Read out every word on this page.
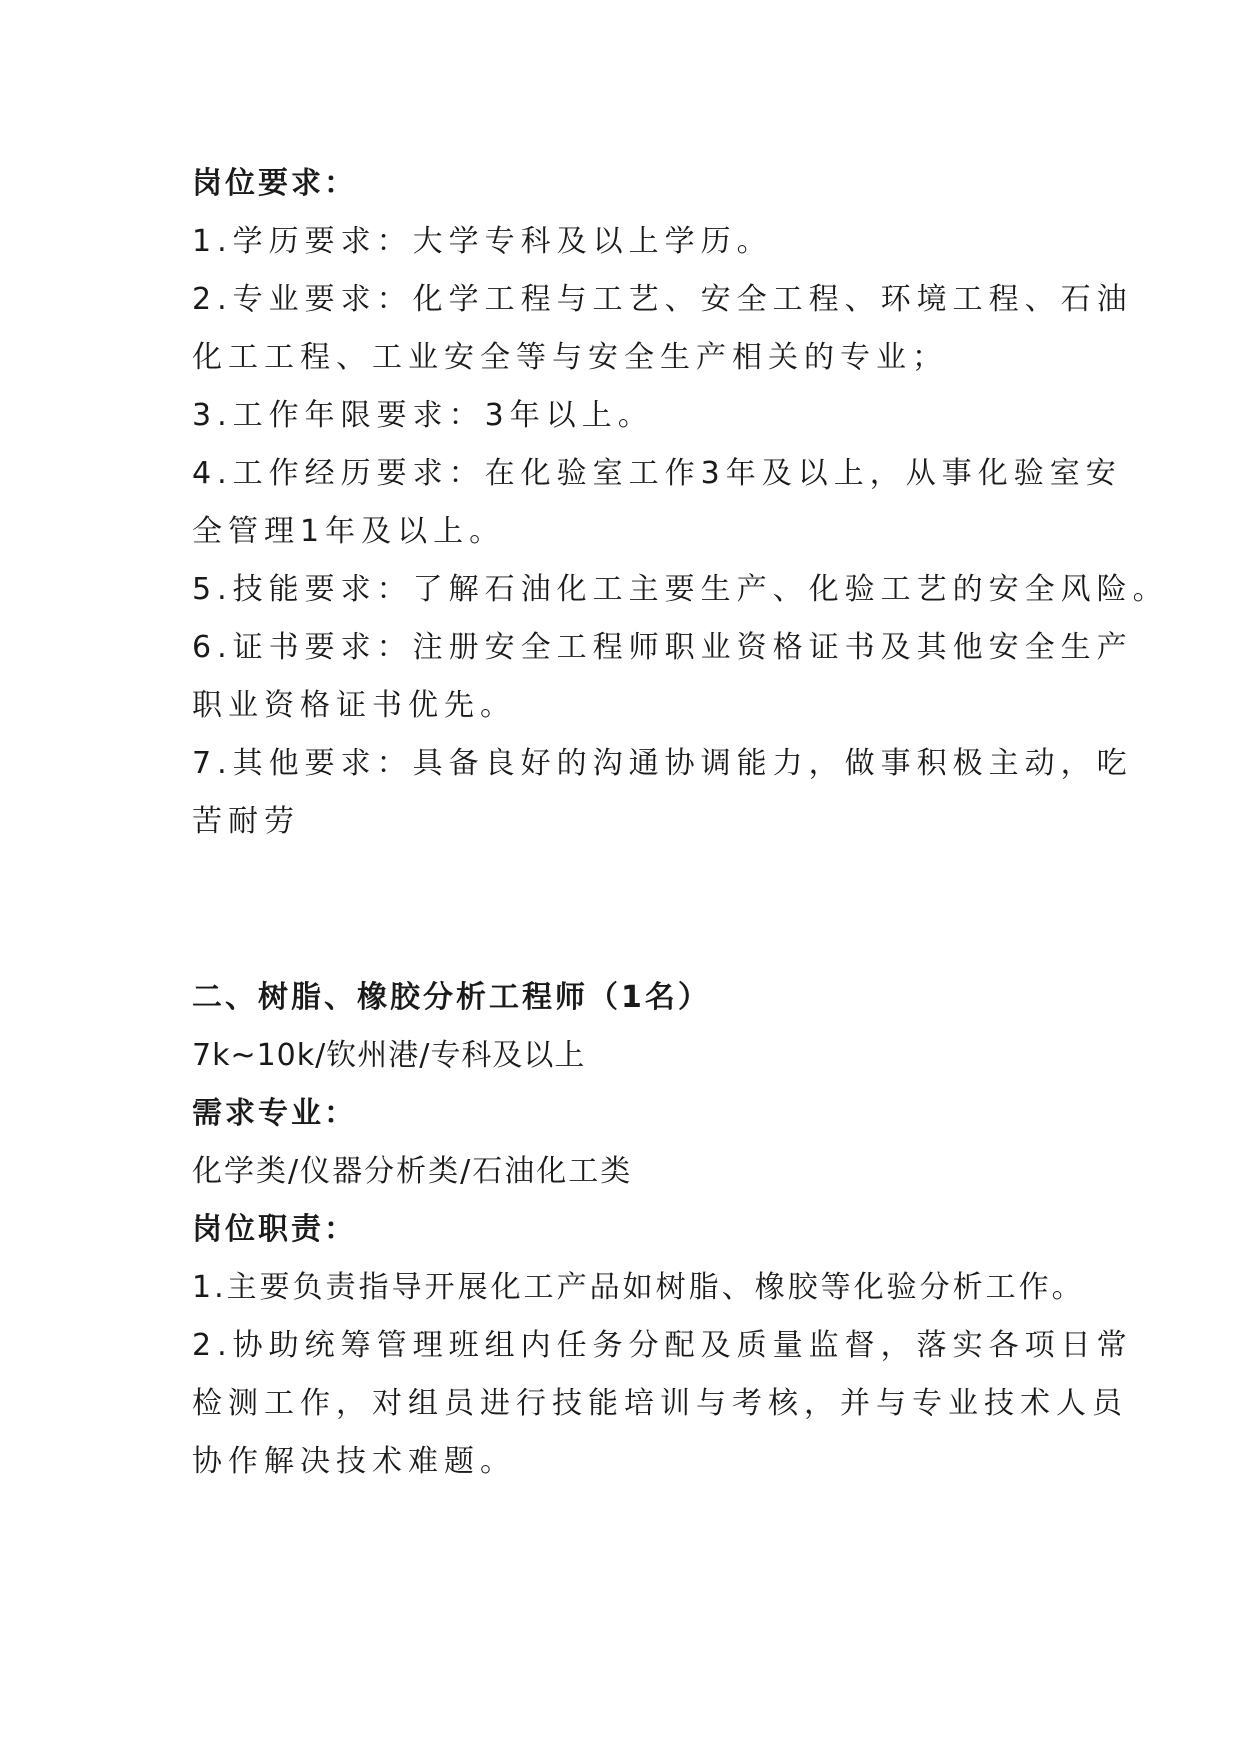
岗位要求：
1.学历要求：大学专科及以上学历。
2.专业要求：化学工程与工艺、安全工程、环境工程、石油
化工工程、工业安全等与安全生产相关的专业；
3.工作年限要求：3年以上。
4.工作经历要求：在化验室工作3年及以上，从事化验室安
全管理1年及以上。
5.技能要求：了解石油化工主要生产、化验工艺的安全风险。
6.证书要求：注册安全工程师职业资格证书及其他安全生产
职业资格证书优先。
7.其他要求：具备良好的沟通协调能力，做事积极主动，吃
苦耐劳
二、树脂、橡胶分析工程师（1名）
7k~10k/钦州港/专科及以上
需求专业：
化学类/仪器分析类/石油化工类
岗位职责：
1.主要负责指导开展化工产品如树脂、橡胶等化验分析工作。
2.协助统筹管理班组内任务分配及质量监督，落实各项日常
检测工作，对组员进行技能培训与考核，并与专业技术人员
协作解决技术难题。
